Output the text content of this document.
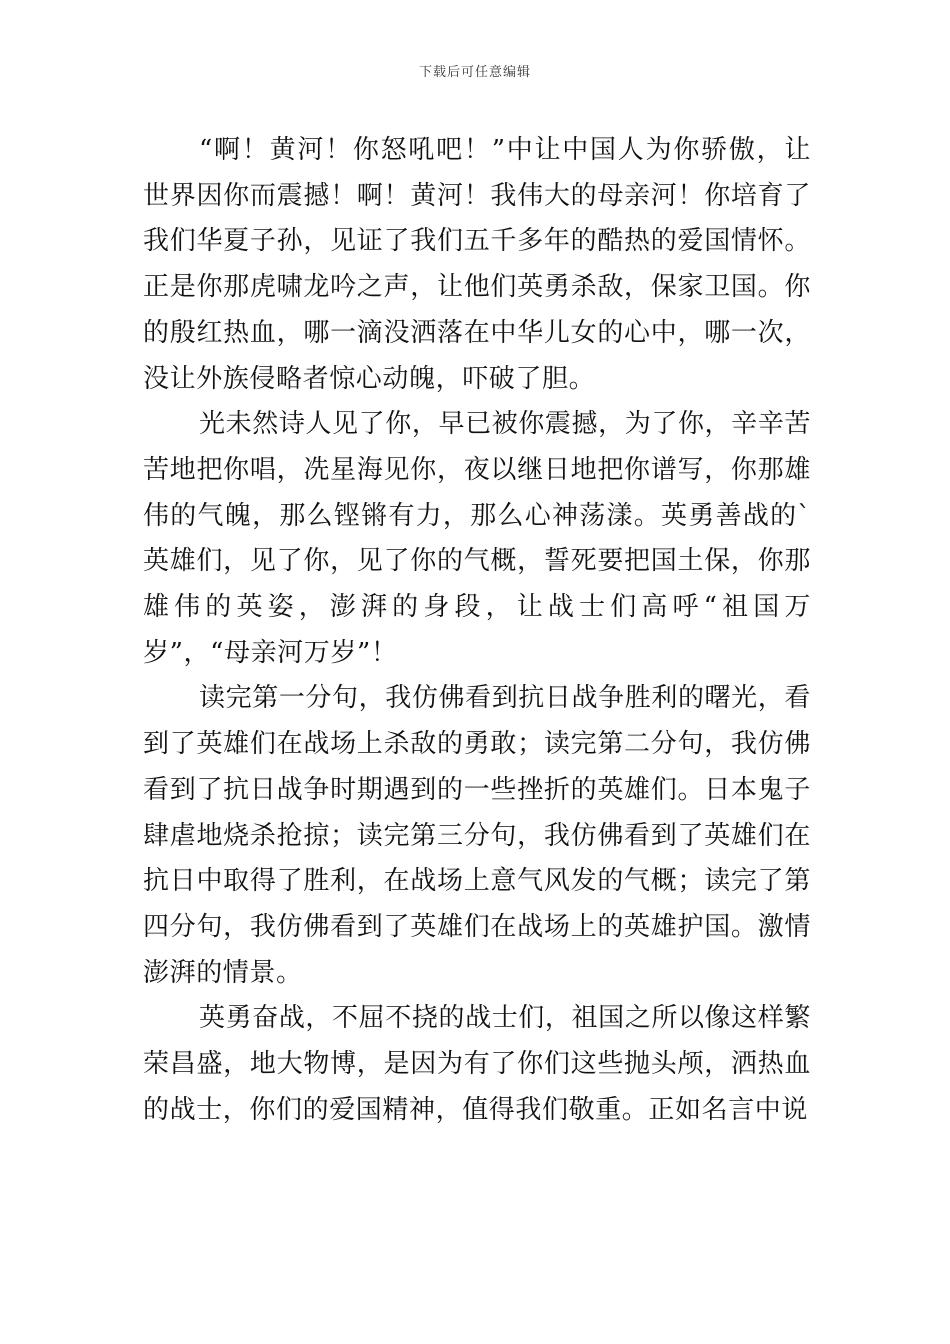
下载后可任意编辑

“啊！黄河！你怒吼吧！”中让中国人为你骄傲，让世界因你而震撼！啊！黄河！我伟大的母亲河！你培育了我们华夏子孙，见证了我们五千多年的酷热的爱国情怀。正是你那虎啸龙吟之声，让他们英勇杀敌，保家卫国。你的殷红热血，哪一滴没洒落在中华儿女的心中，哪一次，没让外族侵略者惊心动魄，吓破了胆。

光未然诗人见了你，早已被你震撼，为了你，辛辛苦苦地把你唱，冼星海见你，夜以继日地把你谱写，你那雄伟的气魄，那么铿锵有力，那么心神荡漾。英勇善战的`英雄们，见了你，见了你的气概，誓死要把国土保，你那雄伟的英姿，澎湃的身段，让战士们高呼“祖国万岁”，“母亲河万岁”！

读完第一分句，我仿佛看到抗日战争胜利的曙光，看到了英雄们在战场上杀敌的勇敢；读完第二分句，我仿佛看到了抗日战争时期遇到的一些挫折的英雄们。日本鬼子肆虐地烧杀抢掠；读完第三分句，我仿佛看到了英雄们在抗日中取得了胜利，在战场上意气风发的气概；读完了第四分句，我仿佛看到了英雄们在战场上的英雄护国。激情澎湃的情景。

英勇奋战，不屈不挠的战士们，祖国之所以像这样繁荣昌盛，地大物博，是因为有了你们这些抛头颅，洒热血的战士，你们的爱国精神，值得我们敬重。正如名言中说
